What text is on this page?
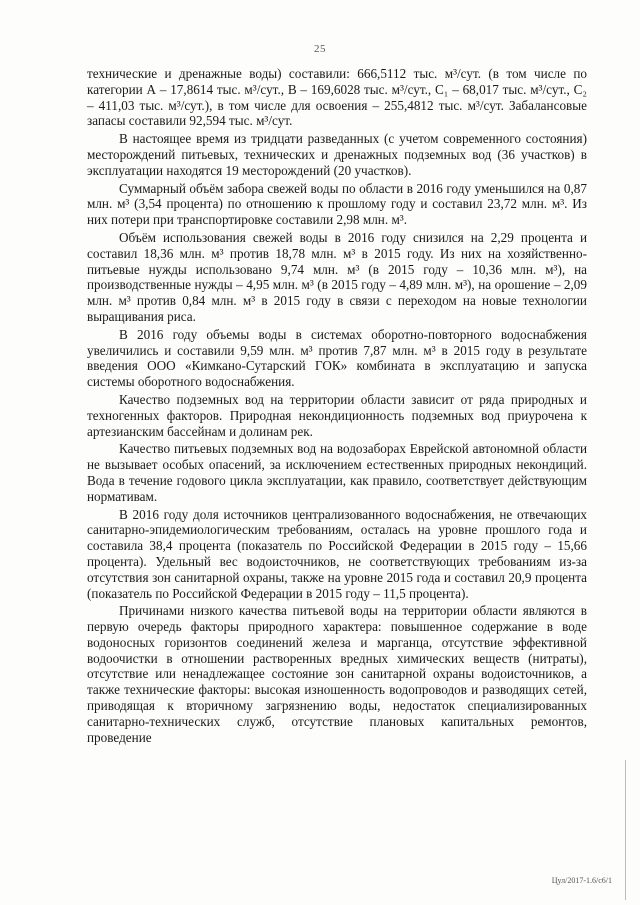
25

технические и дренажные воды) составили: 666,5112 тыс. м³/сут. (в том числе по категории А – 17,8614 тыс. м³/сут., В – 169,6028 тыс. м³/сут., С₁ – 68,017 тыс. м³/сут., С₂ – 411,03 тыс. м³/сут.), в том числе для освоения – 255,4812 тыс. м³/сут. Забалансовые запасы составили 92,594 тыс. м³/сут.

В настоящее время из тридцати разведанных (с учетом современного состояния) месторождений питьевых, технических и дренажных подземных вод (36 участков) в эксплуатации находятся 19 месторождений (20 участков).

Суммарный объём забора свежей воды по области в 2016 году уменьшился на 0,87 млн. м³ (3,54 процента) по отношению к прошлому году и составил 23,72 млн. м³. Из них потери при транспортировке составили 2,98 млн. м³.

Объём использования свежей воды в 2016 году снизился на 2,29 процента и составил 18,36 млн. м³ против 18,78 млн. м³ в 2015 году. Из них на хозяйственно-питьевые нужды использовано 9,74 млн. м³ (в 2015 году – 10,36 млн. м³), на производственные нужды – 4,95 млн. м³ (в 2015 году – 4,89 млн. м³), на орошение – 2,09 млн. м³ против 0,84 млн. м³ в 2015 году в связи с переходом на новые технологии выращивания риса.

В 2016 году объемы воды в системах оборотно-повторного водоснабжения увеличились и составили 9,59 млн. м³ против 7,87 млн. м³ в 2015 году в результате введения ООО «Кимкано-Сутарский ГОК» комбината в эксплуатацию и запуска системы оборотного водоснабжения.

Качество подземных вод на территории области зависит от ряда природных и техногенных факторов. Природная некондиционность подземных вод приурочена к артезианским бассейнам и долинам рек.

Качество питьевых подземных вод на водозаборах Еврейской автономной области не вызывает особых опасений, за исключением естественных природных некондиций. Вода в течение годового цикла эксплуатации, как правило, соответствует действующим нормативам.

В 2016 году доля источников централизованного водоснабжения, не отвечающих санитарно-эпидемиологическим требованиям, осталась на уровне прошлого года и составила 38,4 процента (показатель по Российской Федерации в 2015 году – 15,66 процента). Удельный вес водоисточников, не соответствующих требованиям из-за отсутствия зон санитарной охраны, также на уровне 2015 года и составил 20,9 процента (показатель по Российской Федерации в 2015 году – 11,5 процента).

Причинами низкого качества питьевой воды на территории области являются в первую очередь факторы природного характера: повышенное содержание в воде водоносных горизонтов соединений железа и марганца, отсутствие эффективной водоочистки в отношении растворенных вредных химических веществ (нитраты), отсутствие или ненадлежащее состояние зон санитарной охраны водоисточников, а также технические факторы: высокая изношенность водопроводов и разводящих сетей, приводящая к вторичному загрязнению воды, недостаток специализированных санитарно-технических служб, отсутствие плановых капитальных ремонтов, проведение

Цул/2017-1.6/с6/1
